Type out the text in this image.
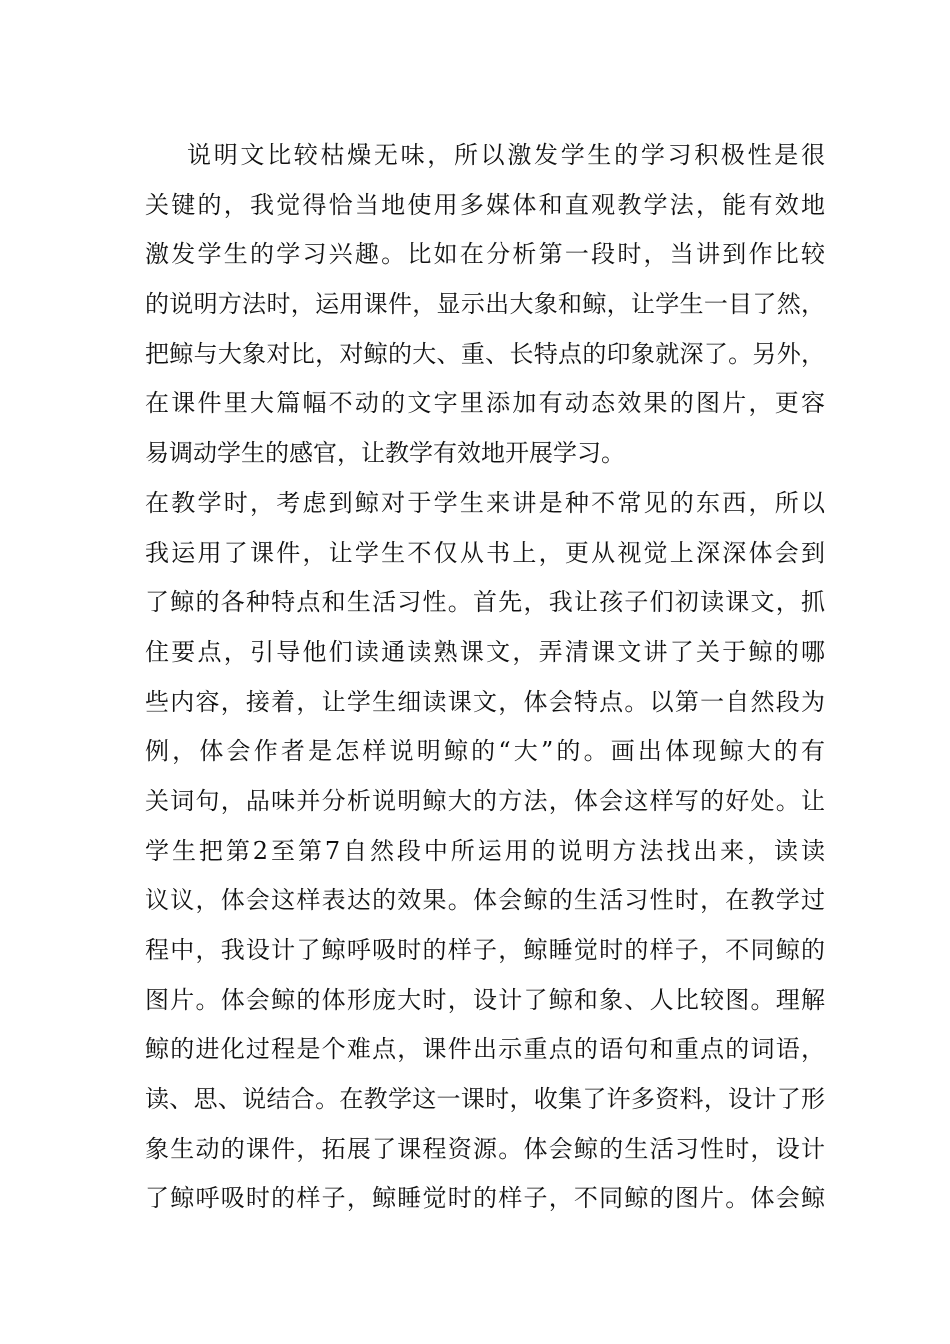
说明文比较枯燥无味，所以激发学生的学习积极性是很
关键的，我觉得恰当地使用多媒体和直观教学法，能有效地
激发学生的学习兴趣。比如在分析第一段时，当讲到作比较
的说明方法时，运用课件，显示出大象和鲸，让学生一目了然，
把鲸与大象对比，对鲸的大、重、长特点的印象就深了。另外，
在课件里大篇幅不动的文字里添加有动态效果的图片，更容
易调动学生的感官，让教学有效地开展学习。
在教学时，考虑到鲸对于学生来讲是种不常见的东西，所以
我运用了课件，让学生不仅从书上，更从视觉上深深体会到
了鲸的各种特点和生活习性。首先，我让孩子们初读课文，抓
住要点，引导他们读通读熟课文，弄清课文讲了关于鲸的哪
些内容，接着，让学生细读课文，体会特点。以第一自然段为
例，体会作者是怎样说明鲸的“大”的。画出体现鲸大的有
关词句，品味并分析说明鲸大的方法，体会这样写的好处。让
学生把第2至第7自然段中所运用的说明方法找出来，读读
议议，体会这样表达的效果。体会鲸的生活习性时，在教学过
程中，我设计了鲸呼吸时的样子，鲸睡觉时的样子，不同鲸的
图片。体会鲸的体形庞大时，设计了鲸和象、人比较图。理解
鲸的进化过程是个难点，课件出示重点的语句和重点的词语，
读、思、说结合。在教学这一课时，收集了许多资料，设计了形
象生动的课件，拓展了课程资源。体会鲸的生活习性时，设计
了鲸呼吸时的样子，鲸睡觉时的样子，不同鲸的图片。体会鲸
